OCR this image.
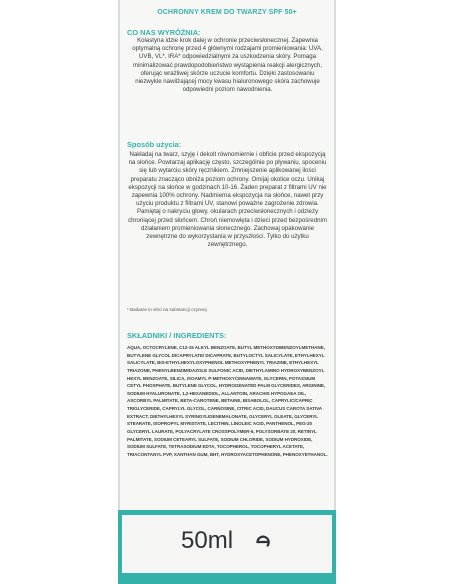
OCHRONNY KREM DO TWARZY SPF 50+
CO NAS WYRÓŻNIA:
Kolastyna idzie krok dalej w ochronie przeciwsłonecznej. Zapewnia optymalną ochronę przed 4 głównymi rodzajami promieniowania: UVA, UVB, VL*, IRA* odpowiedzialnymi za uszkodzenia skóry. Pomaga minimalizować prawdopodobieństwo wystąpienia reakcji alergicznych, oferując wrażliwej skórze uczucie komfortu. Dzięki zastosowaniu niezwykle nawilżającej mocy kwasu hialuronowego skóra zachowuje odpowiedni poziom nawodnienia.
Sposób użycia:
Nakładaj na twarz, szyję i dekolt równomiernie i obficie przed ekspozycją na słońce. Powtarzaj aplikację często, szczególnie po pływaniu, spoceniu się lub wytarciu skóry ręcznikiem. Zmniejszenie aplikowanej ilości preparatu znacząco obniża poziom ochrony. Omijaj okolice oczu. Unikaj ekspozycji na słońce w godzinach 10-16. Żaden preparat z filtrami UV nie zapewnia 100% ochrony. Nadmierna ekspozycja na słońce, nawet przy użyciu produktu z filtrami UV, stanowi poważne zagrożenie zdrowia. Pamiętaj o nakryciu głowy, okularach przeciwsłonecznych i odzieży chroniącej przed słońcem. Chroń niemowlęta i dzieci przed bezpośrednim działaniem promieniowania słonecznego. Zachowaj opakowanie zewnętrzne do wykorzystania w przyszłości. Tylko do użytku zewnętrznego.
* Badanie in vitro na substancji czynnej
SKŁADNIKI / INGREDIENTS:
AQUA, OCTOCRYLENE, C12-15 ALKYL BENZOATE, BUTYL METHOXYDIBENZOYLMETHANE, BUTYLENE GLYCOL DICAPRYLATE/ DICAPRATE, BUTYLOCTYL SALICYLATE, ETHYLHEXYL SALICYLATE, BIS-ETHYLHEXYLOXYPHENOL METHOXYPHENYL TRIAZINE, ETHYLHEXYL TRIAZONE, PHENYLBENZIMIDAZOLE SULFONIC ACID, DIETHYLAMINO HYDROXYBENZOYL HEXYL BENZOATE, SILICA, ISOAMYL P-METHOXYCINNAMATE, GLYCERIN, POTASSIUM CETYL PHOSPHATE, BUTYLENE GLYCOL, HYDROGENATED PALM GLYCERIDES, ARGININE, SODIUM HYALURONATE, 1,2-HEXANEDIOL, ALLANTOIN, ARACHIS HYPOGAEA OIL, ASCORBYL PALMITATE, BETA-CAROTENE, BETAINE, BISABOLOL, CAPRYLIC/CAPRIC TRIGLYCERIDE, CAPRYLYL GLYCOL, CARNOSINE, CITRIC ACID, DAUCUS CAROTA SATIVA EXTRACT, DIETHYLHEXYL SYRINGYLIDENEMALONATE, GLYCERYL OLEATE, GLYCERYL STEARATE, ISOPROPYL MYRISTATE, LECITHIN, LINOLEIC ACID, PANTHENOL, PEG-20 GLYCERYL LAURATE, POLYACRYLATE CROSSPOLYMER-6, POLYSORBATE 20, RETINYL PALMITATE, SODIUM CETEARYL SULFATE, SODIUM CHLORIDE, SODIUM HYDROXIDE, SODIUM SULFATE, TETRASODIUM EDTA, TOCOPHEROL, TOCOPHERYL ACETATE, TRIACONTANYL PVP, XANTHAN GUM, BHT, HYDROXYACETOPHENONE, PHENOXYETHANOL.
50ml
